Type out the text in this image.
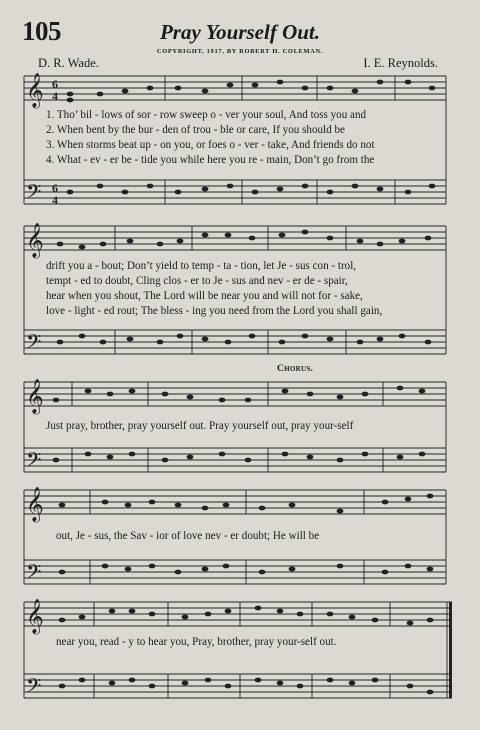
105	Pray Yourself Out.
COPYRIGHT, 1917, BY ROBERT H. COLEMAN.
D. R. Wade.	I. E. Reynolds.
𝄞
𝄢
6
4
6
4
1. Tho’ bil - lows of sor - row sweep o - ver your soul, And toss you and
2. When bent by the bur - den of trou - ble or care, If you should be
3. When storms beat up - on you, or foes o - ver - take, And friends do not
4. What - ev - er be - tide you while here you re - main, Don’t go from the
𝄞
𝄢
drift you a - bout; Don’t yield to temp - ta - tion, let Je - sus con - trol,
tempt - ed to doubt, Cling clos - er to Je - sus and nev - er de - spair,
hear when you shout, The Lord will be near you and will not for - sake,
love - light - ed rout; The bless - ing you need from the Lord you shall gain,
Chorus.
𝄞
𝄢
Just pray, brother, pray yourself out. Pray yourself out, pray your-self
𝄞
𝄢
out, Je - sus, the Sav - ior of love nev - er doubt; He will be
𝄞
𝄢
near you, read - y to hear you, Pray, brother, pray your-self out.
